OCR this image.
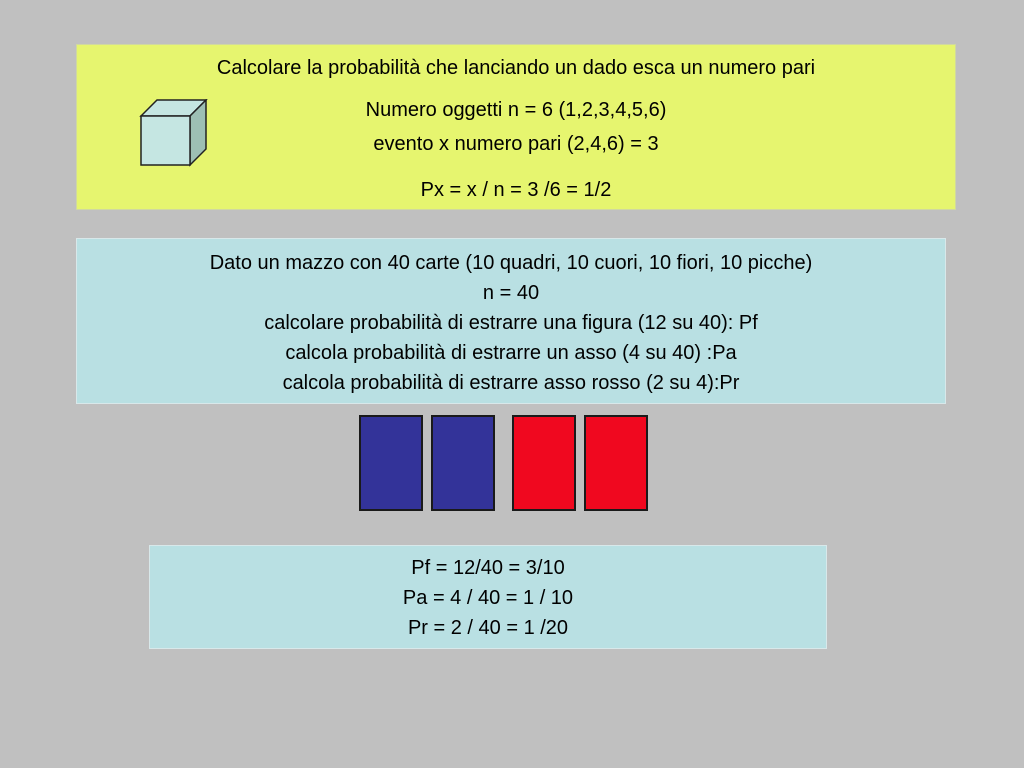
Calcolare la probabilità che lanciando un dado esca un numero pari
Numero oggetti n = 6 (1,2,3,4,5,6)
evento x numero pari (2,4,6) = 3
Px = x / n = 3 /6 = 1/2
Dato un mazzo con 40 carte (10 quadri, 10 cuori, 10 fiori, 10 picche)
n = 40
calcolare probabilità di estrarre una figura (12 su 40): Pf
calcola probabilità di estrarre un asso (4 su 40) :Pa
calcola probabilità di estrarre asso rosso (2 su 4):Pr
Pf = 12/40 = 3/10
Pa = 4 / 40 = 1 / 10
Pr = 2 / 40 = 1 /20
